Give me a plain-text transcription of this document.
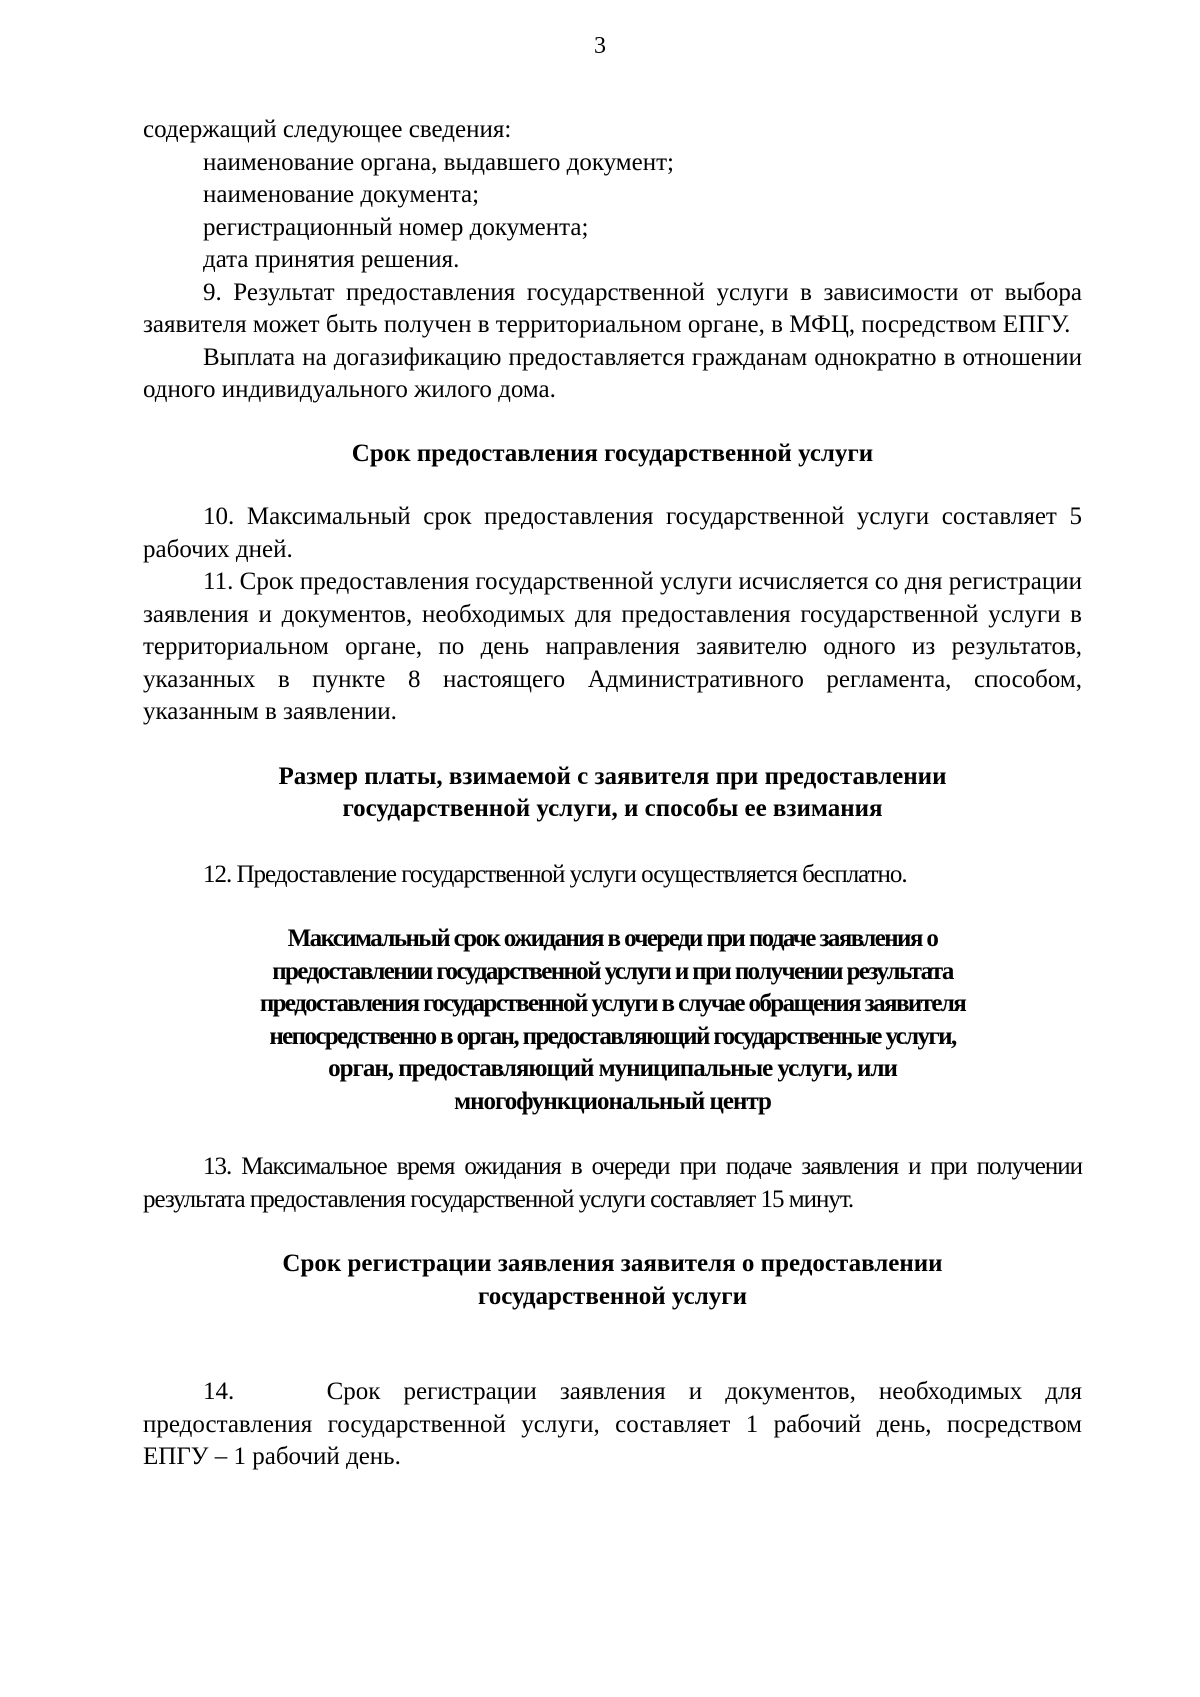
3

содержащий следующее сведения:

наименование органа, выдавшего документ;
наименование документа;
регистрационный номер документа;
дата принятия решения.

9. Результат предоставления государственной услуги в зависимости от выбора заявителя может быть получен в территориальном органе, в МФЦ, посредством ЕПГУ.

Выплата на догазификацию предоставляется гражданам однократно в отношении одного индивидуального жилого дома.

Срок предоставления государственной услуги

10. Максимальный срок предоставления государственной услуги составляет 5 рабочих дней.

11. Срок предоставления государственной услуги исчисляется со дня регистрации заявления и документов, необходимых для предоставления государственной услуги в территориальном органе, по день направления заявителю одного из результатов, указанных в пункте 8 настоящего Административного регламента, способом, указанным в заявлении.

Размер платы, взимаемой с заявителя при предоставлении
государственной услуги, и способы ее взимания

12. Предоставление государственной услуги осуществляется бесплатно.

Максимальный срок ожидания в очереди при подаче заявления о
предоставлении государственной услуги и при получении результата
предоставления государственной услуги в случае обращения заявителя
непосредственно в орган, предоставляющий государственные услуги,
орган, предоставляющий муниципальные услуги, или
многофункциональный центр

13. Максимальное время ожидания в очереди при подаче заявления и при получении результата предоставления государственной услуги составляет 15 минут.

Срок регистрации заявления заявителя о предоставлении
государственной услуги

14.    Срок регистрации заявления и документов, необходимых для предоставления государственной услуги, составляет 1 рабочий день, посредством ЕПГУ – 1 рабочий день.
